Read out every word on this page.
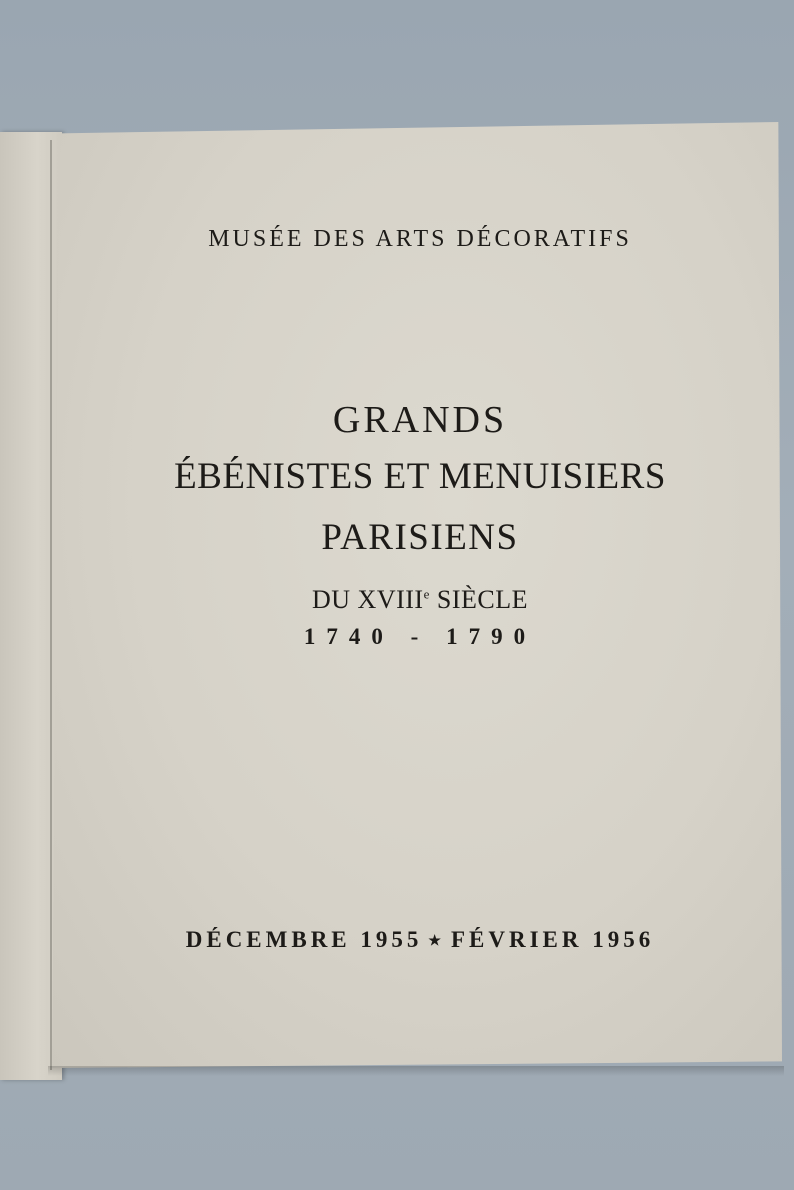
MUSÉE DES ARTS DÉCORATIFS
GRANDS
ÉBÉNISTES ET MENUISIERS
PARISIENS
DU XVIIIe SIÈCLE
1740 - 1790
DÉCEMBRE 1955 ★ FÉVRIER 1956
